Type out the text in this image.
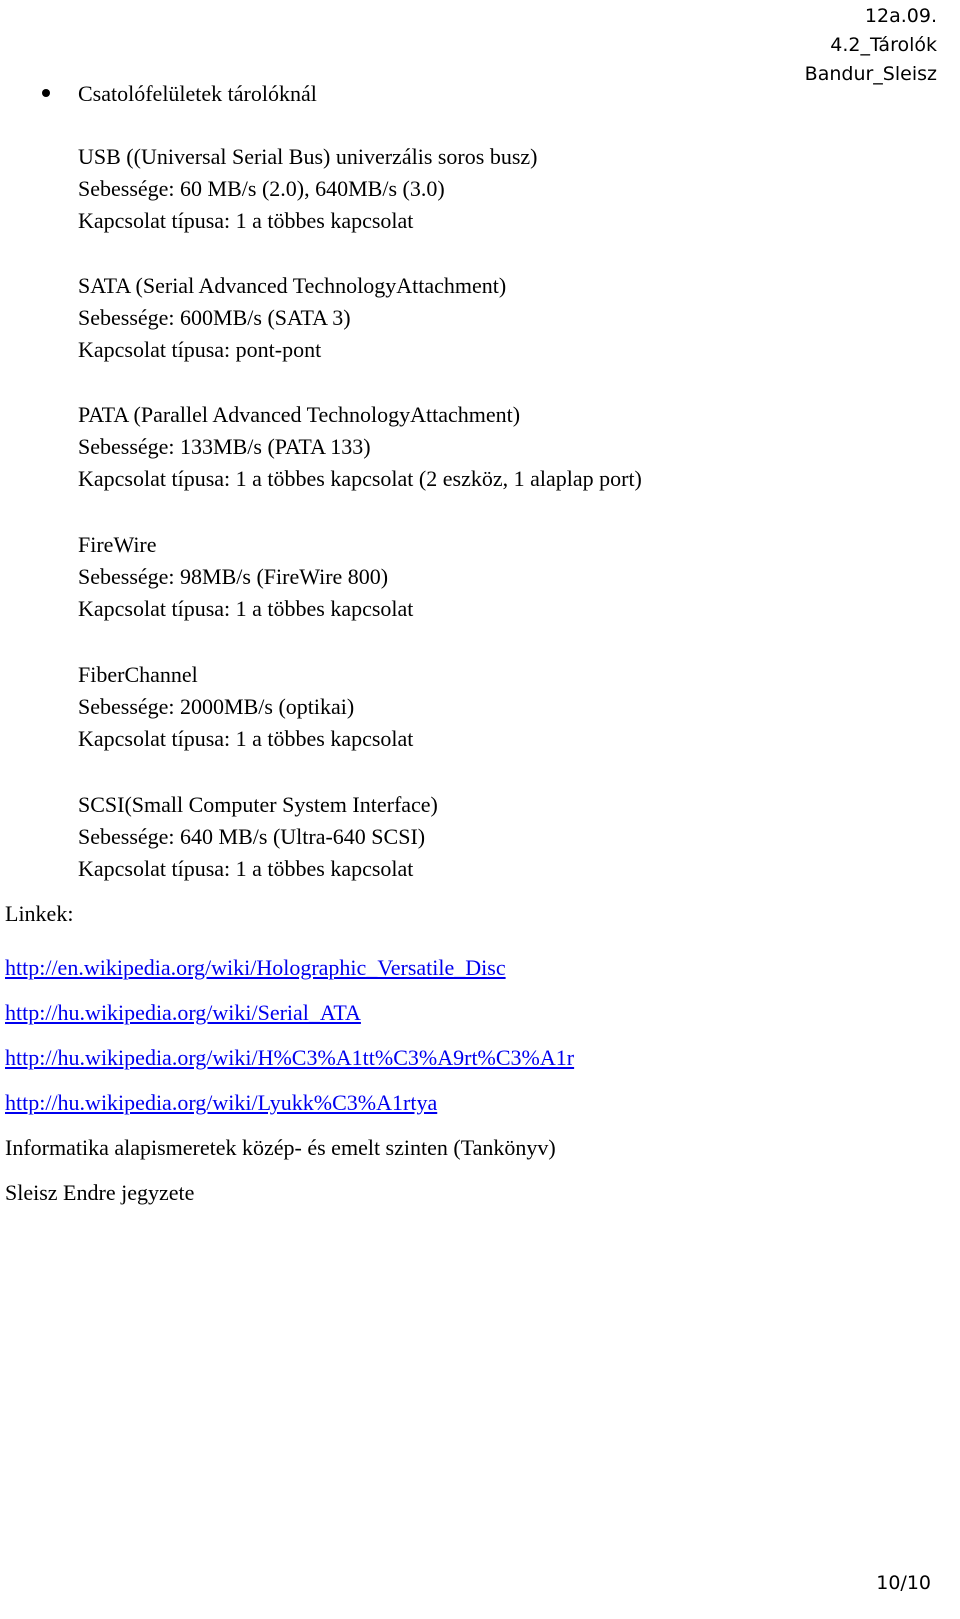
12a.09.
4.2_Tárolók
Bandur_Sleisz
Csatolófelületek tárolóknál
USB ((Universal Serial Bus) univerzális soros busz)
Sebessége: 60 MB/s (2.0), 640MB/s (3.0)
Kapcsolat típusa: 1 a többes kapcsolat
SATA (Serial Advanced TechnologyAttachment)
Sebessége: 600MB/s (SATA 3)
Kapcsolat típusa: pont-pont
PATA (Parallel Advanced TechnologyAttachment)
Sebessége: 133MB/s (PATA 133)
Kapcsolat típusa: 1 a többes kapcsolat (2 eszköz, 1 alaplap port)
FireWire
Sebessége: 98MB/s (FireWire 800)
Kapcsolat típusa: 1 a többes kapcsolat
FiberChannel
Sebessége: 2000MB/s (optikai)
Kapcsolat típusa: 1 a többes kapcsolat
SCSI(Small Computer System Interface)
Sebessége: 640 MB/s (Ultra-640 SCSI)
Kapcsolat típusa: 1 a többes kapcsolat
Linkek:
http://en.wikipedia.org/wiki/Holographic_Versatile_Disc
http://hu.wikipedia.org/wiki/Serial_ATA
http://hu.wikipedia.org/wiki/H%C3%A1tt%C3%A9rt%C3%A1r
http://hu.wikipedia.org/wiki/Lyukk%C3%A1rtya
Informatika alapismeretek közép- és emelt szinten (Tankönyv)
Sleisz Endre jegyzete
10/10
